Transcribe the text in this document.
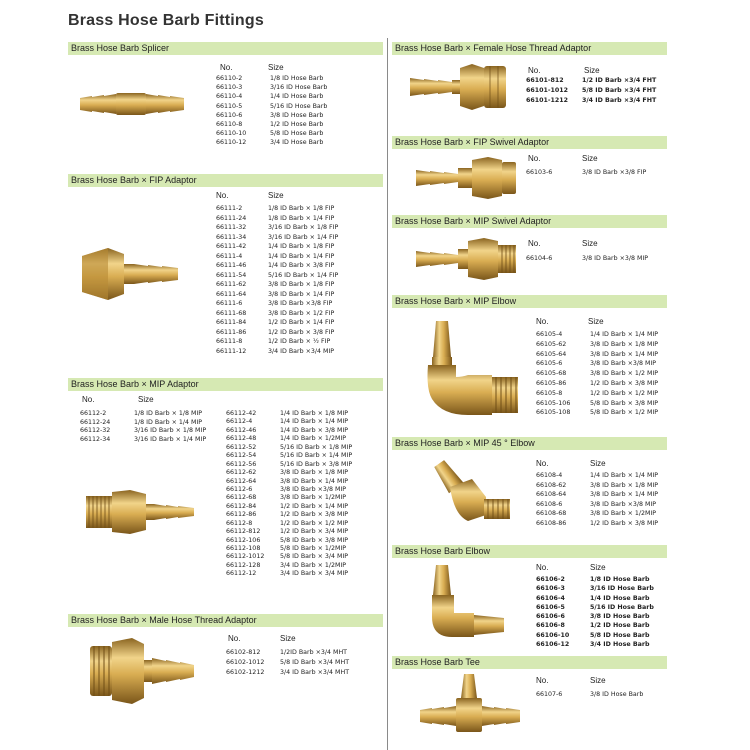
Brass Hose Barb Fittings
Brass Hose Barb Splicer
No.	Size
66110-2	1/8 ID Hose Barb
66110-3	3/16 ID Hose Barb
66110-4	1/4 ID Hose Barb
66110-5	5/16 ID Hose Barb
66110-6	3/8 ID Hose Barb
66110-8	1/2 ID Hose Barb
66110-10	5/8 ID Hose Barb
66110-12	3/4 ID Hose Barb
Brass Hose Barb × FIP Adaptor
No.	Size
66111-2	1/8 ID Barb × 1/8 FIP
66111-24	1/8 ID Barb × 1/4 FIP
66111-32	3/16 ID Barb × 1/8 FIP
66111-34	3/16 ID Barb × 1/4 FIP
66111-42	1/4 ID Barb × 1/8 FIP
66111-4	1/4 ID Barb × 1/4 FIP
66111-46	1/4 ID Barb × 3/8 FIP
66111-54	5/16 ID Barb × 1/4 FIP
66111-62	3/8 ID Barb × 1/8 FIP
66111-64	3/8 ID Barb × 1/4 FIP
66111-6	3/8 ID Barb ×3/8 FIP
66111-68	3/8 ID Barb × 1/2 FIP
66111-84	1/2 ID Barb × 1/4 FIP
66111-86	1/2 ID Barb × 3/8 FIP
66111-8	1/2 ID Barb × ½ FIP
66111-12	3/4 ID Barb ×3/4 MIP
Brass Hose Barb × MIP Adaptor
No.	Size
66112-2	1/8 ID Barb × 1/8 MIP
66112-24	1/8 ID Barb × 1/4 MIP
66112-32	3/16 ID Barb × 1/8 MIP
66112-34	3/16 ID Barb × 1/4 MIP
66112-42	1/4 ID Barb × 1/8 MIP
66112-4	1/4 ID Barb × 1/4 MIP
66112-46	1/4 ID Barb × 3/8 MIP
66112-48	1/4 ID Barb × 1/2MIP
66112-52	5/16 ID Barb × 1/8 MIP
66112-54	5/16 ID Barb × 1/4 MIP
66112-56	5/16 ID Barb × 3/8 MIP
66112-62	3/8 ID Barb × 1/8 MIP
66112-64	3/8 ID Barb × 1/4 MIP
66112-6	3/8 ID Barb ×3/8 MIP
66112-68	3/8 ID Barb × 1/2MIP
66112-84	1/2 ID Barb × 1/4 MIP
66112-86	1/2 ID Barb × 3/8 MIP
66112-8	1/2 ID Barb × 1/2 MIP
66112-812	1/2 ID Barb × 3/4 MIP
66112-106	5/8 ID Barb × 3/8 MIP
66112-108	5/8 ID Barb × 1/2MIP
66112-1012 5/8 ID Barb × 3/4 MIP
66112-128	3/4 ID Barb × 1/2MIP
66112-12	3/4 ID Barb × 3/4 MIP
Brass Hose Barb × Male Hose Thread Adaptor
No.	Size
66102-812	1/2ID Barb ×3/4 MHT
66102-1012 5/8 ID Barb ×3/4 MHT
66102-1212 3/4 ID Barb ×3/4 MHT
Brass Hose Barb × Female Hose Thread Adaptor
No.	Size
66101-812	1/2 ID Barb ×3/4 FHT
66101-1012 5/8 ID Barb ×3/4 FHT
66101-1212 3/4 ID Barb ×3/4 FHT
Brass Hose Barb × FIP Swivel Adaptor
No.	Size
66103-6	3/8 ID Barb ×3/8 FIP
Brass Hose Barb × MIP Swivel Adaptor
No.	Size
66104-6	3/8 ID Barb ×3/8 MIP
Brass Hose Barb × MIP Elbow
No.	Size
66105-4	1/4 ID Barb × 1/4 MIP
66105-62	3/8 ID Barb × 1/8 MIP
66105-64	3/8 ID Barb × 1/4 MIP
66105-6	3/8 ID Barb ×3/8 MIP
66105-68	3/8 ID Barb × 1/2 MIP
66105-86	1/2 ID Barb × 3/8 MIP
66105-8	1/2 ID Barb × 1/2 MIP
66105-106	5/8 ID Barb × 3/8 MIP
66105-108	5/8 ID Barb × 1/2 MIP
Brass Hose Barb × MIP 45 ° Elbow
No.	Size
66108-4	1/4 ID Barb × 1/4 MIP
66108-62	3/8 ID Barb × 1/8 MIP
66108-64	3/8 ID Barb × 1/4 MIP
66108-6	3/8 ID Barb ×3/8 MIP
66108-68	3/8 ID Barb × 1/2MIP
66108-86	1/2 ID Barb × 3/8 MIP
Brass Hose Barb Elbow
No.	Size
66106-2	1/8 ID Hose Barb
66106-3	3/16 ID Hose Barb
66106-4	1/4 ID Hose Barb
66106-5	5/16 ID Hose Barb
66106-6	3/8 ID Hose Barb
66106-8	1/2 ID Hose Barb
66106-10	5/8 ID Hose Barb
66106-12	3/4 ID Hose Barb
Brass Hose Barb Tee
No.	Size
66107-6	3/8 ID Hose Barb
